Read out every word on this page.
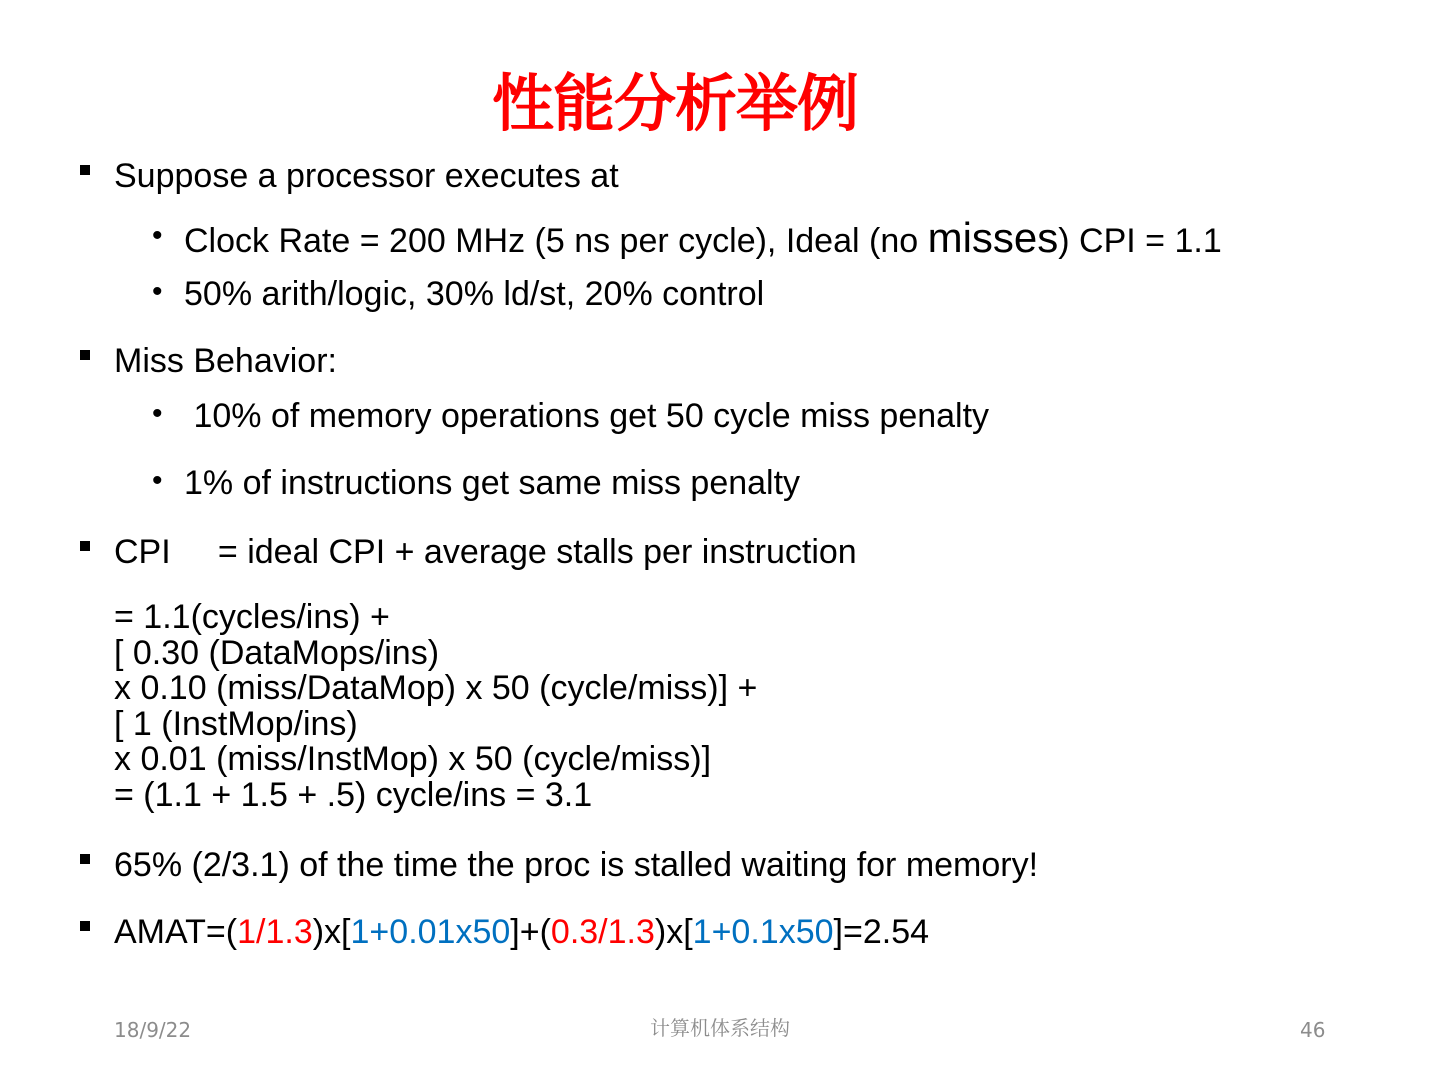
性能分析举例
Suppose a processor executes at
• Clock Rate = 200 MHz (5 ns per cycle), Ideal (no misses) CPI = 1.1
• 50% arith/logic, 30% ld/st, 20% control
Miss Behavior:
• 10% of memory operations get 50 cycle miss penalty
• 1% of instructions get same miss penalty
CPI     = ideal CPI + average stalls per instruction
= 1.1(cycles/ins) +
[ 0.30 (DataMops/ins)
x 0.10 (miss/DataMop) x 50 (cycle/miss)] +
[ 1 (InstMop/ins)
x 0.01 (miss/InstMop) x 50 (cycle/miss)]
= (1.1 + 1.5 + .5) cycle/ins = 3.1
65% (2/3.1) of the time the proc is stalled waiting for memory!
AMAT=(1/1.3)x[1+0.01x50]+(0.3/1.3)x[1+0.1x50]=2.54
18/9/22	计算机体系结构	46
